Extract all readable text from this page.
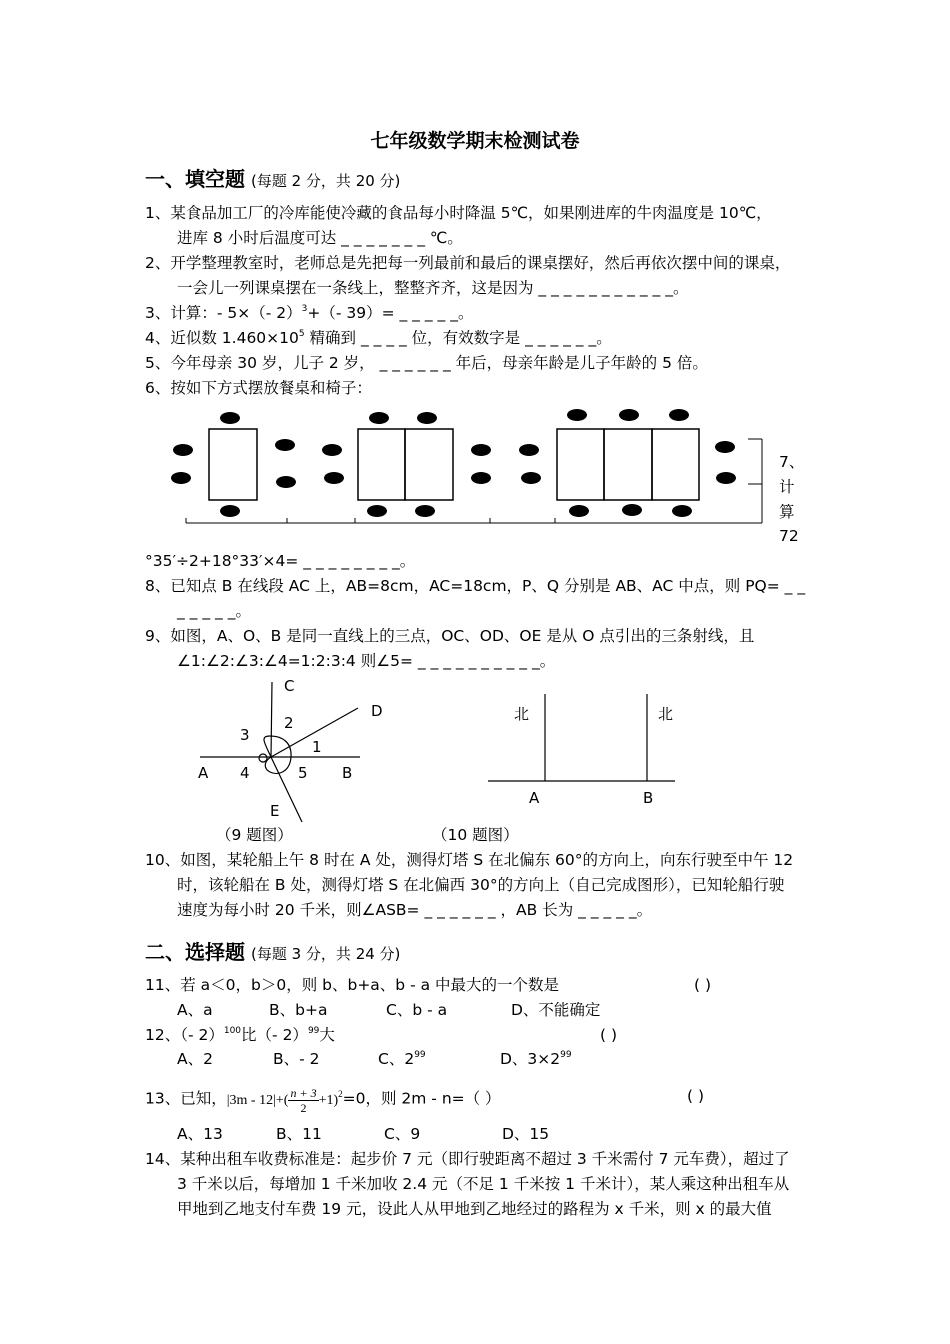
七年级数学期末检测试卷
一、填空题 (每题 2 分，共 20 分)
1、某食品加工厂的冷库能使冷藏的食品每小时降温 5℃，如果刚进库的牛肉温度是 10℃，
进库 8 小时后温度可达 _ _ _ _ _ _ _ ℃。
2、开学整理教室时，老师总是先把每一列最前和最后的课桌摆好，然后再依次摆中间的课桌，
一会儿一列课桌摆在一条线上，整整齐齐，这是因为 _ _ _ _ _ _ _ _ _ _ _。
3、计算：- 5×（- 2）$^3$+（- 39）= _ _ _ _ _。
4、近似数 $1.460\times 10^5$ 精确到 _ _ _ _ 位，有效数字是 _ _ _ _ _ _。
5、今年母亲 30 岁，儿子 2 岁， _ _ _ _ _ _ 年后，母亲年龄是儿子年龄的 5 倍。
6、按如下方式摆放餐桌和椅子：
7、
计
算
72
°35′÷2+18°33′×4= _ _ _ _ _ _ _ _。
8、已知点 B 在线段 AC 上，AB=8cm，AC=18cm，P、Q 分别是 AB、AC 中点，则 PQ= _ _
_ _ _ _ _。
9、如图，A、O、B 是同一直线上的三点，OC、OD、OE 是从 O 点引出的三条射线，且
∠1:∠2:∠3:∠4=1:2:3:4 则∠5= _ _ _ _ _ _ _ _ _ _。
C
D
2
3
1
A 4	5 B
E
（9 题图）
北	北
A	B
（10 题图）
10、如图，某轮船上午 8 时在 A 处，测得灯塔 S 在北偏东 60°的方向上，向东行驶至中午 12
时，该轮船在 B 处，测得灯塔 S 在北偏西 30°的方向上（自己完成图形），已知轮船行驶
速度为每小时 20 千米，则∠ASB= _ _ _ _ _ _ ，AB 长为 _ _ _ _ _。
二、选择题 (每题 3 分，共 24 分)
11、若 a＜0，b＞0，则 b、b+a、b - a 中最大的一个数是	( )
A、a	B、b+a	C、b - a	D、不能确定
12、（- 2）$^{100}$比（- 2）$^{99}$大	( )
A、2	B、- 2	C、$2^{99}$	D、$3\times 2^{99}$
13、已知，$|3m - 12|+( \frac{n + 3}{2} +1)^2=0$，则 2m - n=（ ）	( )
A、13	B、11	C、9	D、15
14、某种出租车收费标准是：起步价 7 元（即行驶距离不超过 3 千米需付 7 元车费），超过了
3 千米以后，每增加 1 千米加收 2.4 元（不足 1 千米按 1 千米计），某人乘这种出租车从
甲地到乙地支付车费 19 元，设此人从甲地到乙地经过的路程为 x 千米，则 x 的最大值
